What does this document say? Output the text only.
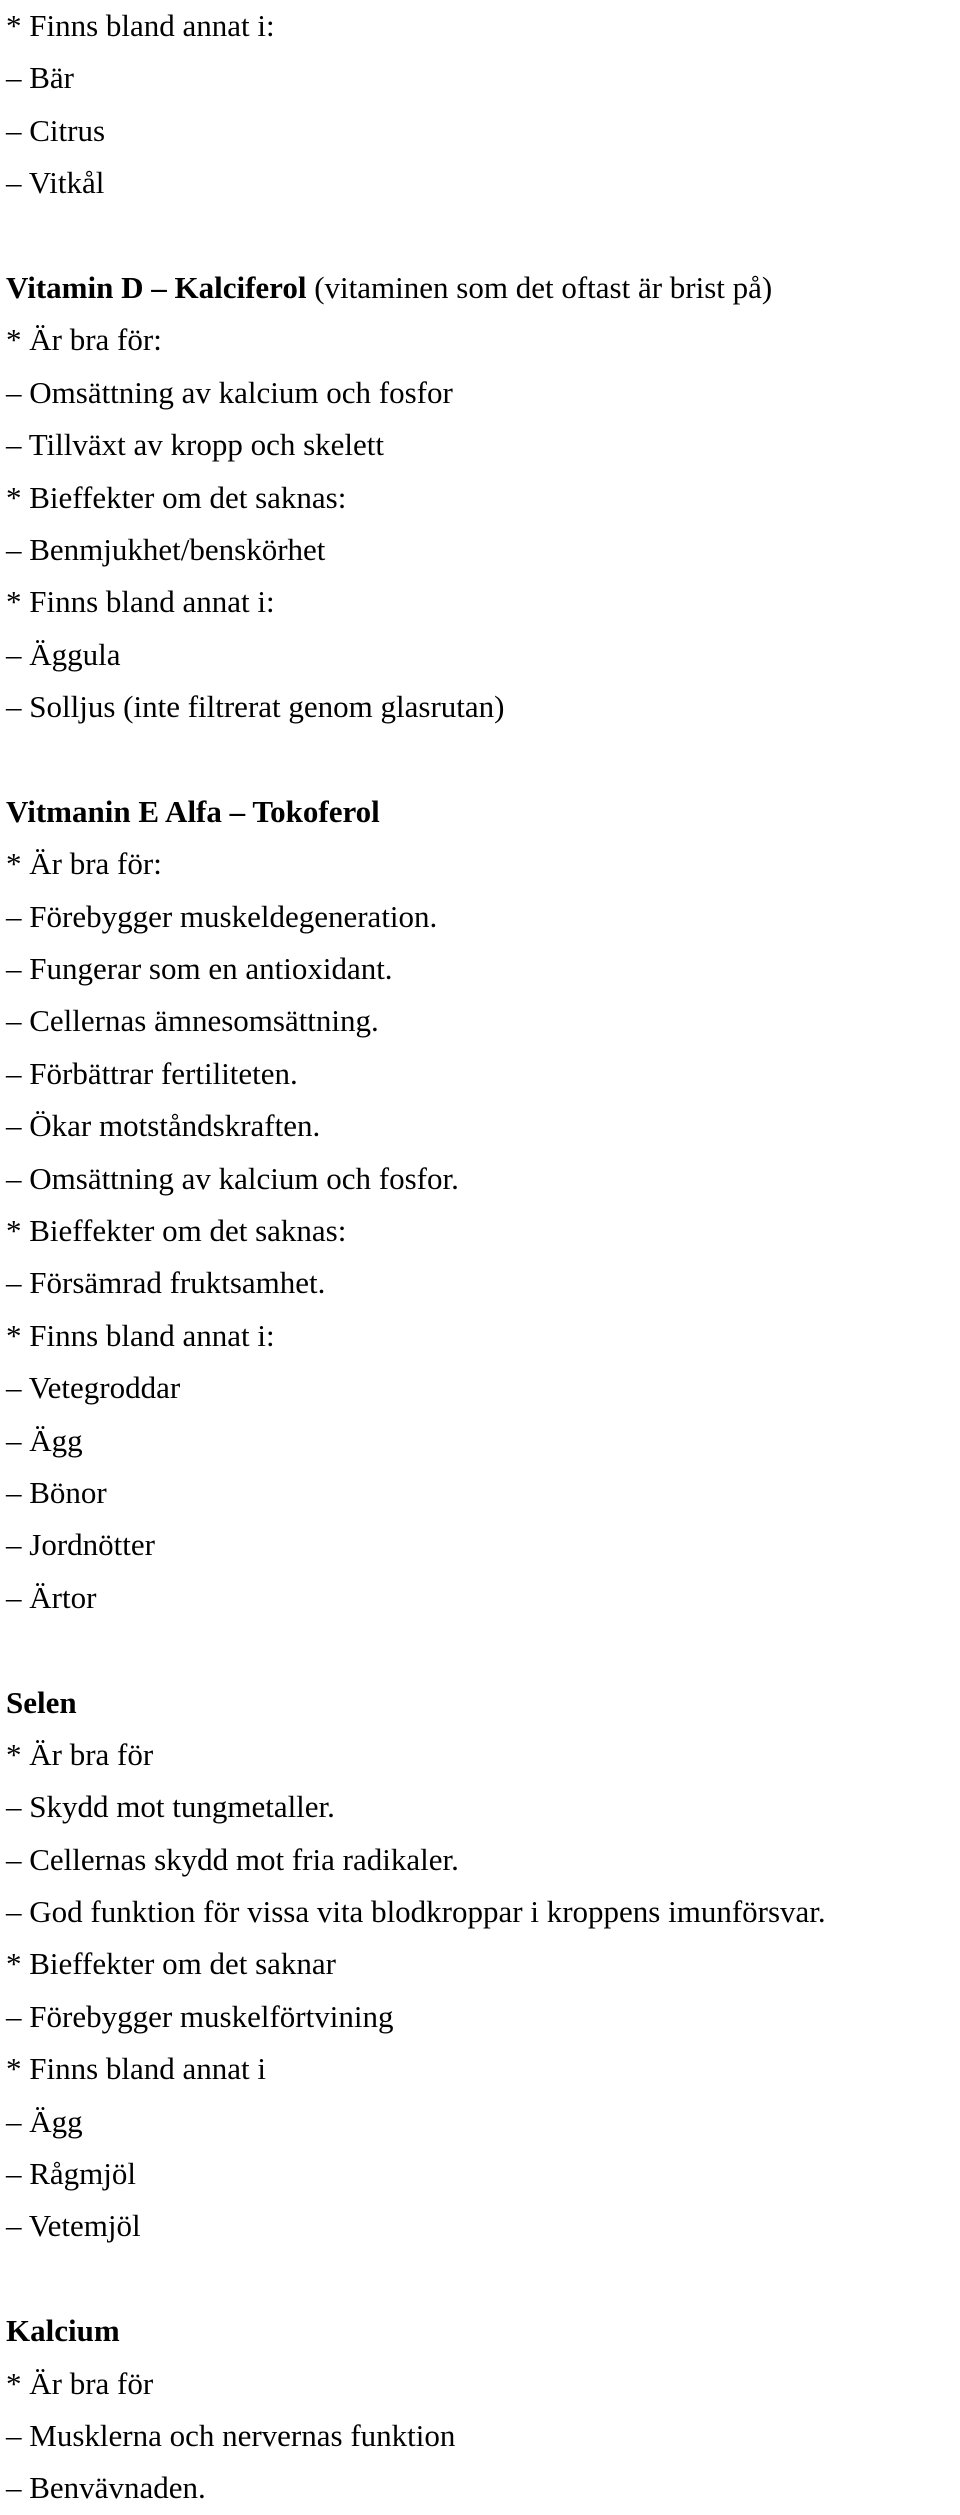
* Finns bland annat i:

– Bär

– Citrus

– Vitkål

Vitamin D – Kalciferol (vitaminen som det oftast är brist på)

* Är bra för:

– Omsättning av kalcium och fosfor

– Tillväxt av kropp och skelett

* Bieffekter om det saknas:

– Benmjukhet/benskörhet

* Finns bland annat i:

– Äggula

– Solljus (inte filtrerat genom glasrutan)

Vitmanin E Alfa – Tokoferol

* Är bra för:

– Förebygger muskeldegeneration.

– Fungerar som en antioxidant.

– Cellernas ämnesomsättning.

– Förbättrar fertiliteten.

– Ökar motståndskraften.

– Omsättning av kalcium och fosfor.

* Bieffekter om det saknas:

– Försämrad fruktsamhet.

* Finns bland annat i:

– Vetegroddar

– Ägg

– Bönor

– Jordnötter

– Ärtor

Selen

* Är bra för

– Skydd mot tungmetaller.

– Cellernas skydd mot fria radikaler.

– God funktion för vissa vita blodkroppar i kroppens imunförsvar.

* Bieffekter om det saknar

– Förebygger muskelförtvining

* Finns bland annat i

– Ägg

– Rågmjöl

– Vetemjöl

Kalcium

* Är bra för

– Musklerna och nervernas funktion

– Benvävnaden.
